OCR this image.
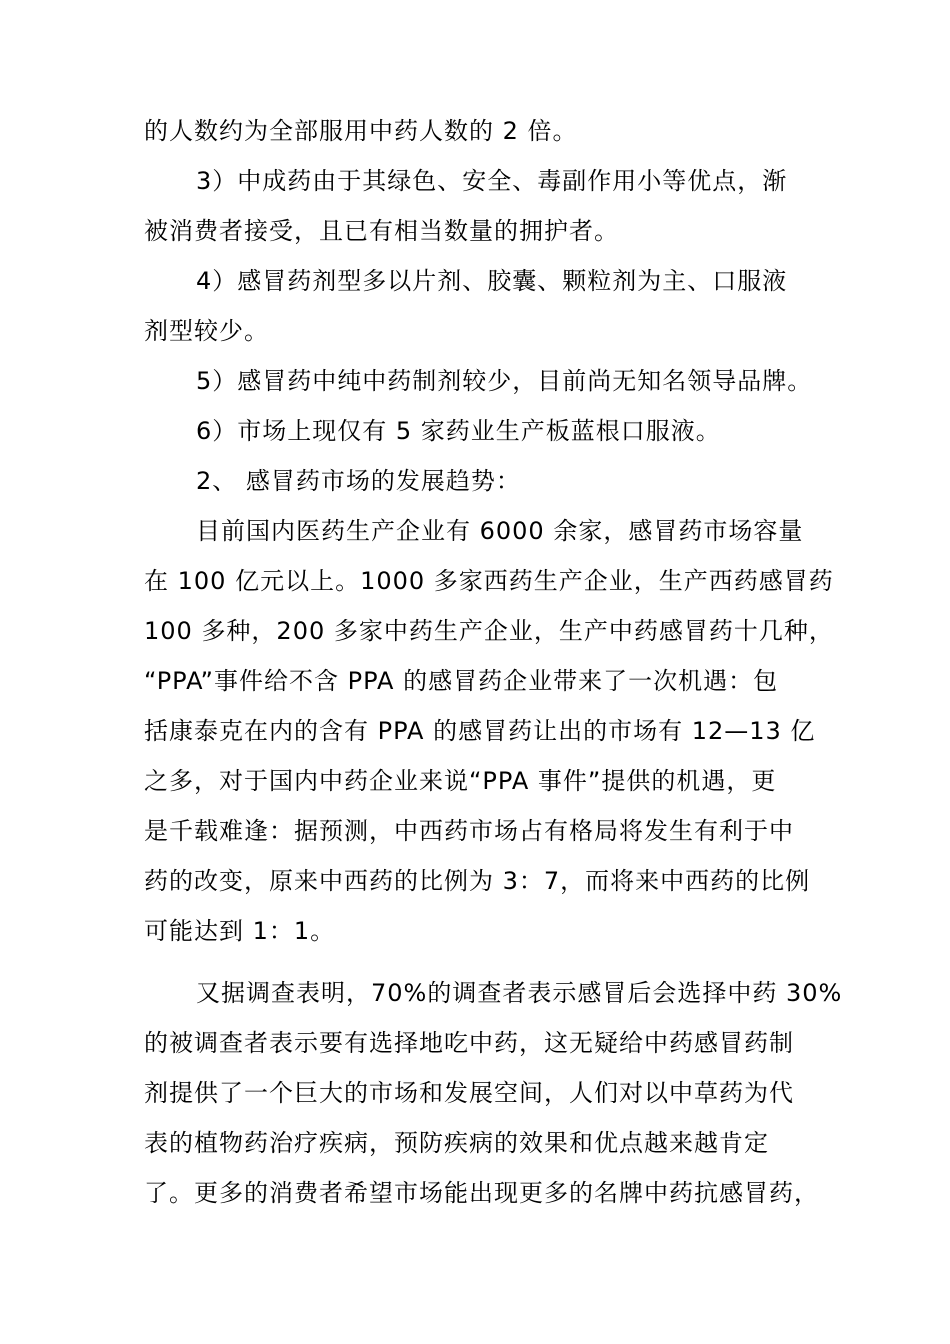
的人数约为全部服用中药人数的 2 倍。
3）中成药由于其绿色、安全、毒副作用小等优点，渐
被消费者接受，且已有相当数量的拥护者。
4）感冒药剂型多以片剂、胶囊、颗粒剂为主、口服液
剂型较少。
5）感冒药中纯中药制剂较少，目前尚无知名领导品牌。
6）市场上现仅有 5 家药业生产板蓝根口服液。
2、 感冒药市场的发展趋势：
目前国内医药生产企业有 6000 余家，感冒药市场容量
在 100 亿元以上。1000 多家西药生产企业，生产西药感冒药
100 多种，200 多家中药生产企业，生产中药感冒药十几种，
“PPA”事件给不含 PPA 的感冒药企业带来了一次机遇：包
括康泰克在内的含有 PPA 的感冒药让出的市场有 12—13 亿
之多，对于国内中药企业来说“PPA 事件”提供的机遇，更
是千载难逢：据预测，中西药市场占有格局将发生有利于中
药的改变，原来中西药的比例为 3：7，而将来中西药的比例
可能达到 1：1。
又据调查表明，70%的调查者表示感冒后会选择中药 30%
的被调查者表示要有选择地吃中药，这无疑给中药感冒药制
剂提供了一个巨大的市场和发展空间，人们对以中草药为代
表的植物药治疗疾病，预防疾病的效果和优点越来越肯定
了。更多的消费者希望市场能出现更多的名牌中药抗感冒药，
